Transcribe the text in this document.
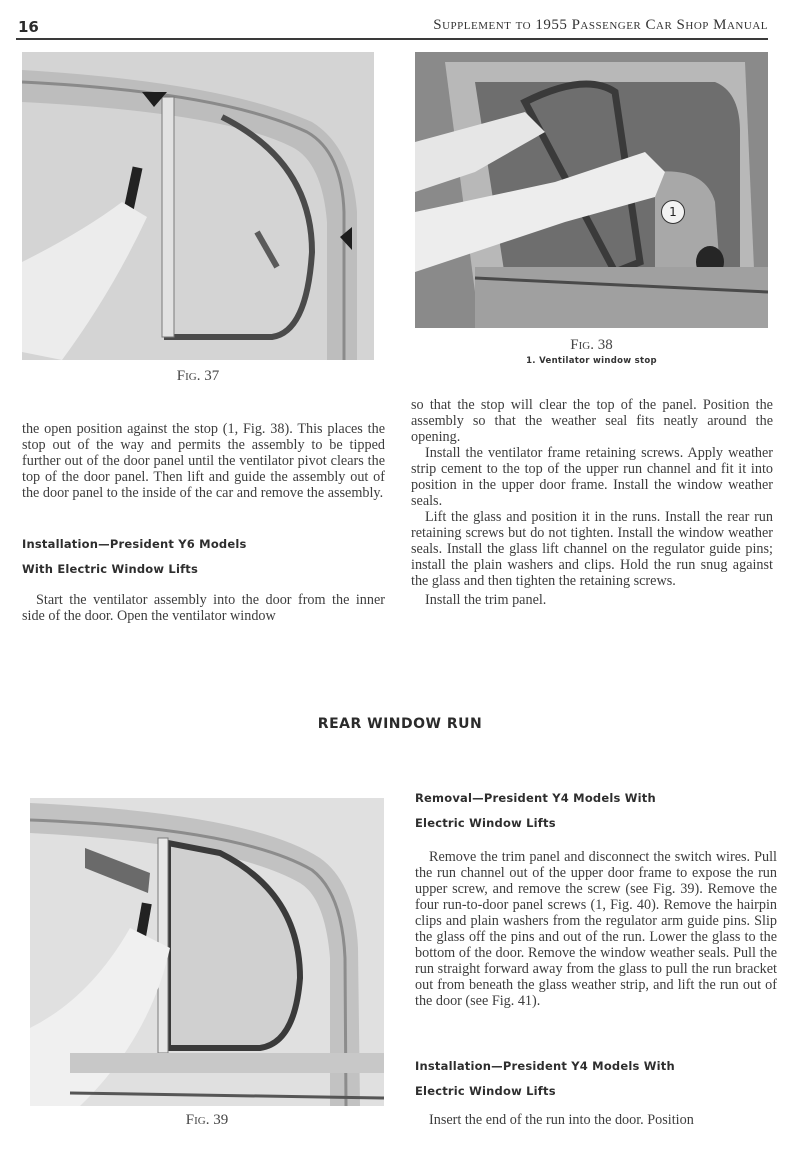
16	Supplement to 1955 Passenger Car Shop Manual
Fig. 37
1
Fig. 38
1. Ventilator window stop

the open position against the stop (1, Fig. 38). This places the stop out of the way and permits the assembly to be tipped further out of the door panel until the ventilator pivot clears the top of the door panel. Then lift and guide the assembly out of the door panel to the inside of the car and remove the assembly.

Installation—President Y6 Models
With Electric Window Lifts

Start the ventilator assembly into the door from the inner side of the door. Open the ventilator window

so that the stop will clear the top of the panel. Position the assembly so that the weather seal fits neatly around the opening.

Install the ventilator frame retaining screws. Apply weather strip cement to the top of the upper run channel and fit it into position in the upper door frame. Install the window weather seals.

Lift the glass and position it in the runs. Install the rear run retaining screws but do not tighten. Install the window weather seals. Install the glass lift channel on the regulator guide pins; install the plain washers and clips. Hold the run snug against the glass and then tighten the retaining screws.

Install the trim panel.

REAR WINDOW RUN
Fig. 39
Removal—President Y4 Models With
Electric Window Lifts

Remove the trim panel and disconnect the switch wires. Pull the run channel out of the upper door frame to expose the run upper screw, and remove the screw (see Fig. 39). Remove the four run-to-door panel screws (1, Fig. 40). Remove the hairpin clips and plain washers from the regulator arm guide pins. Slip the glass off the pins and out of the run. Lower the glass to the bottom of the door. Remove the window weather seals. Pull the run straight forward away from the glass to pull the run bracket out from beneath the glass weather strip, and lift the run out of the door (see Fig. 41).

Installation—President Y4 Models With
Electric Window Lifts

Insert the end of the run into the door. Position
